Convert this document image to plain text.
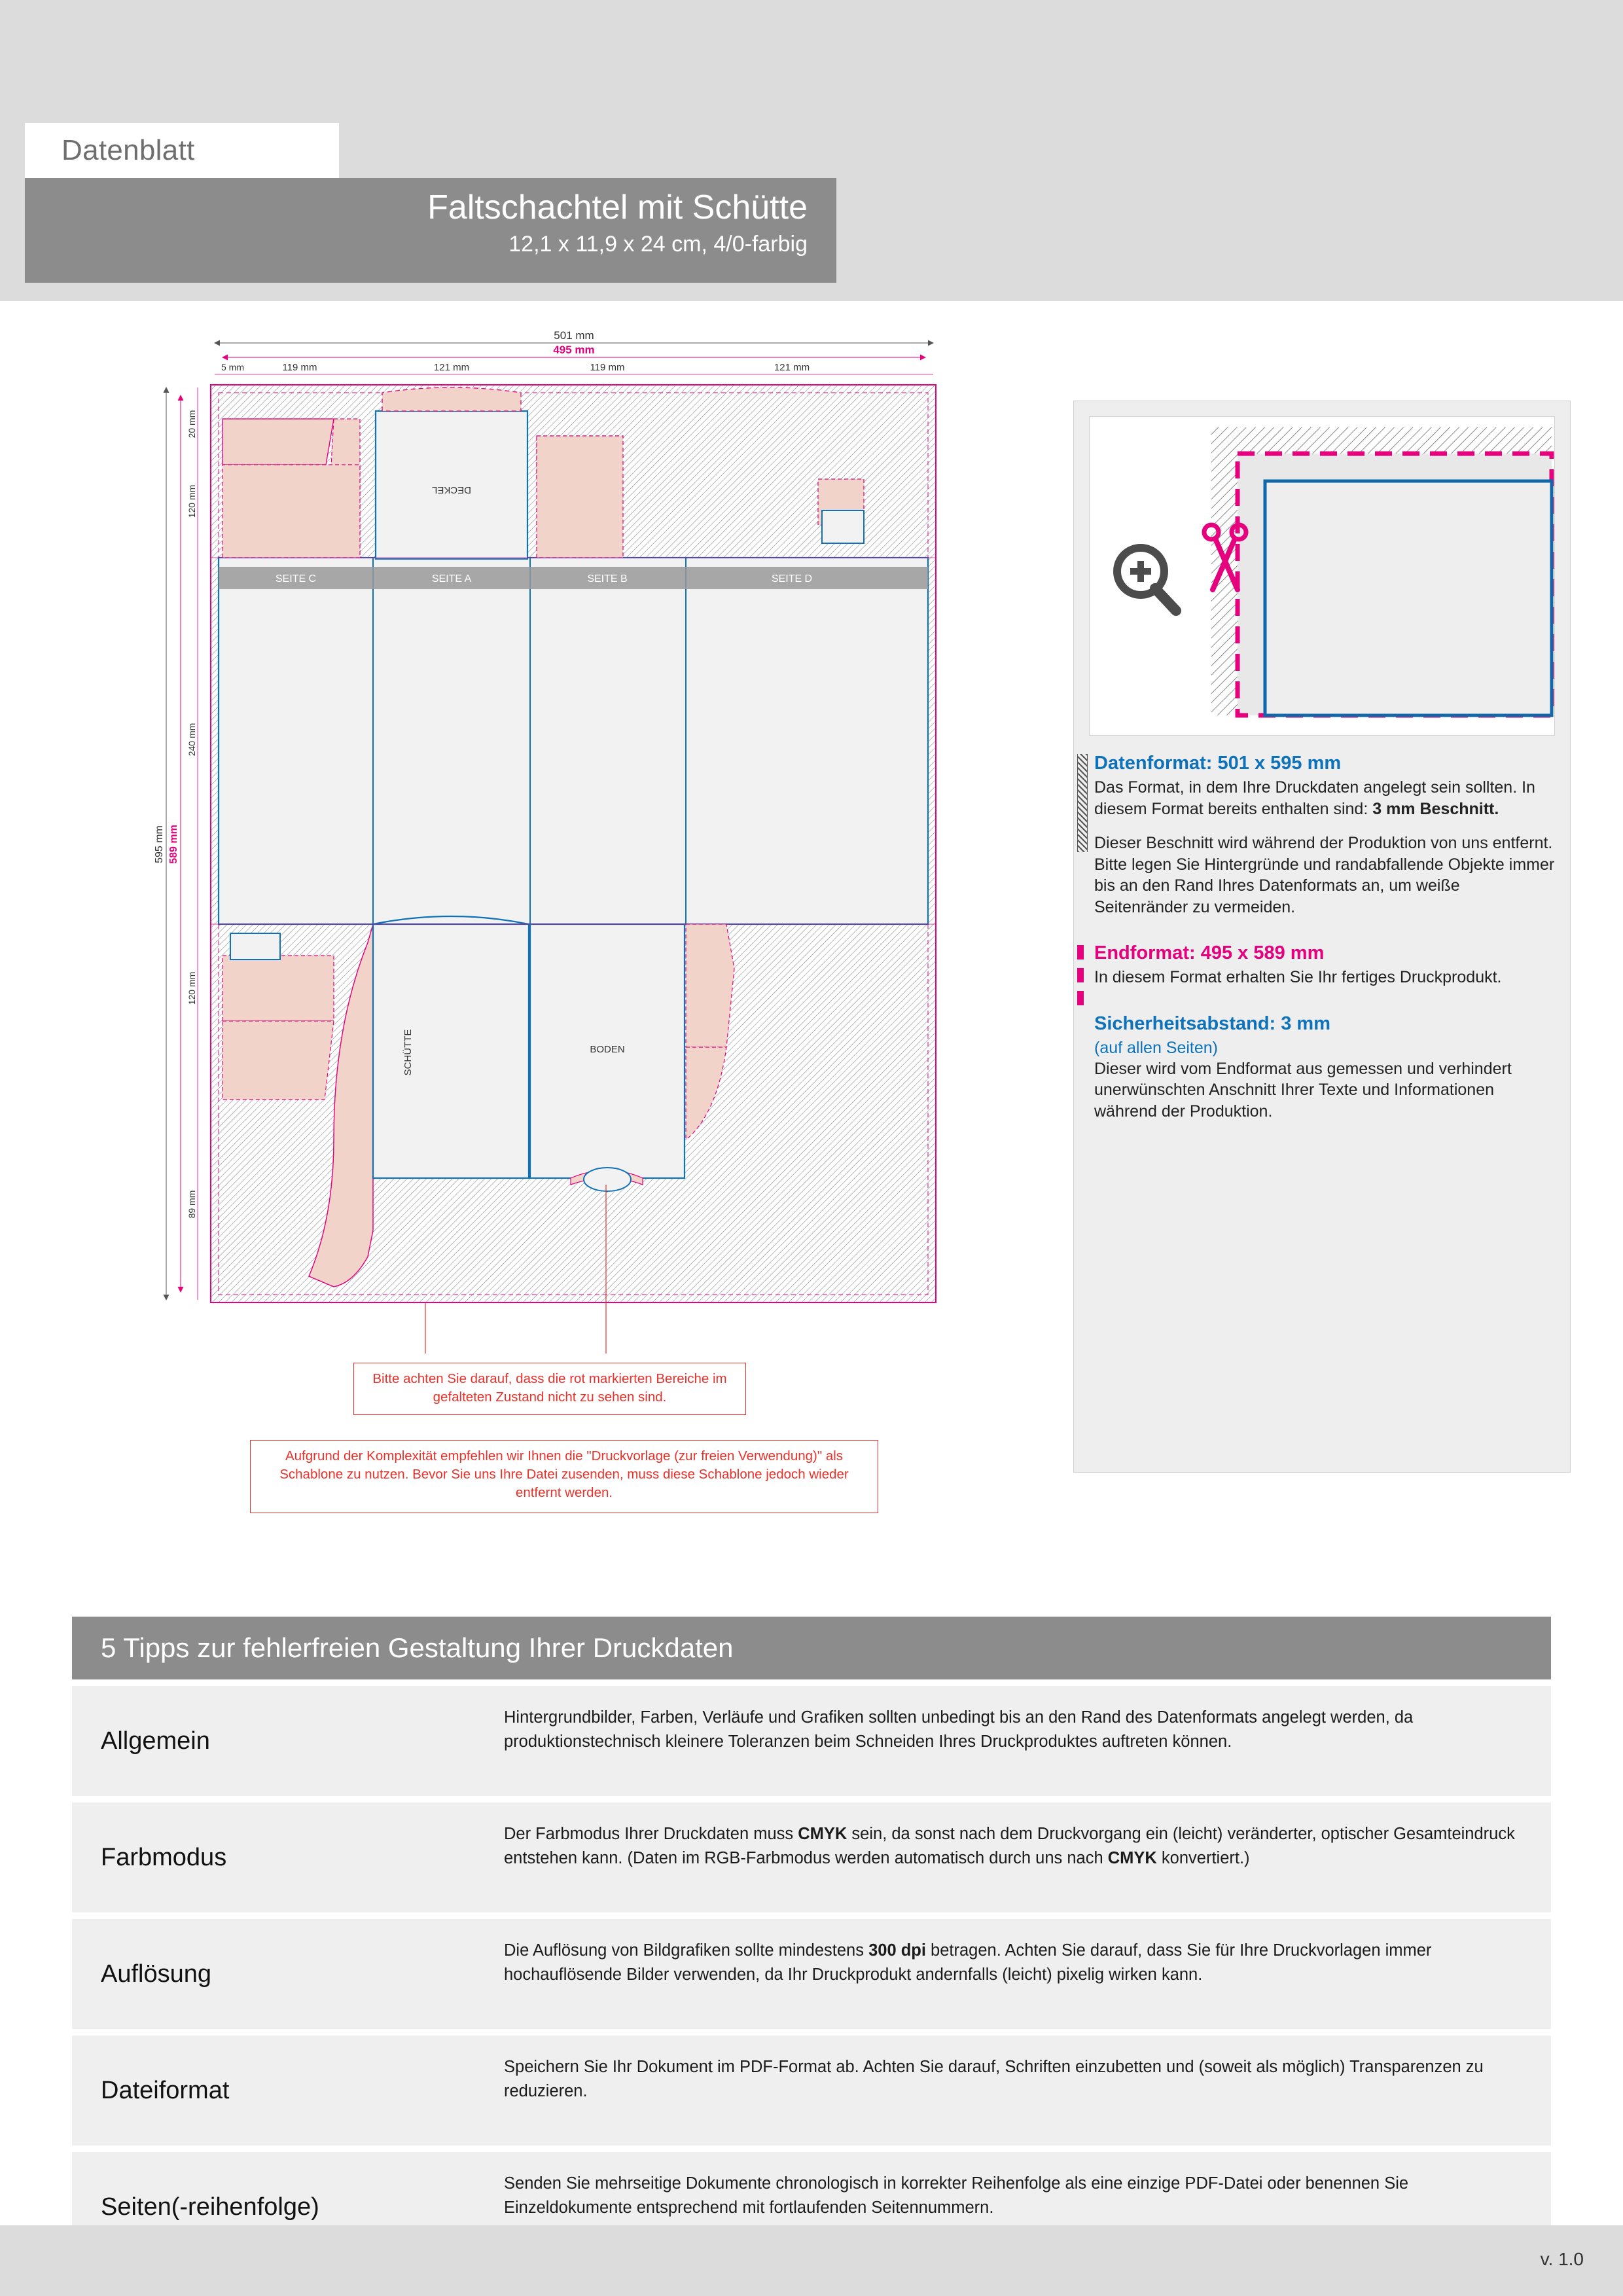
Datenblatt
Faltschachtel mit Schütte
12,1 x 11,9 x 24 cm, 4/0-farbig
SEITE C	SEITE A	SEITE B	SEITE D
DECKEL
SCHÜTTE	BODEN
501 mm
495 mm
5 mm	119 mm	121 mm	119 mm	121 mm
595 mm 589 mm
20 mm
120 mm
240 mm
120 mm
89 mm
Bitte achten Sie darauf, dass die rot markierten Bereiche im gefalteten Zustand nicht zu sehen sind.
Aufgrund der Komplexität empfehlen wir Ihnen die "Druckvorlage (zur freien Verwendung)" als Schablone zu nutzen. Bevor Sie uns Ihre Datei zusenden, muss diese Schablone jedoch wieder entfernt werden.
Datenformat: 501 x 595 mm

Das Format, in dem Ihre Druckdaten angelegt sein sollten. In diesem Format bereits enthalten sind: 3 mm Beschnitt.

Dieser Beschnitt wird während der Produktion von uns entfernt. Bitte legen Sie Hintergründe und randabfallende Objekte immer bis an den Rand Ihres Datenformats an, um weiße Seitenränder zu vermeiden.

Endformat: 495 x 589 mm

In diesem Format erhalten Sie Ihr fertiges Druckprodukt.

Sicherheitsabstand: 3 mm
(auf allen Seiten)

Dieser wird vom Endformat aus gemessen und verhindert unerwünschten Anschnitt Ihrer Texte und Informationen während der Produktion.

5 Tipps zur fehlerfreien Gestaltung Ihrer Druckdaten
Allgemein
Hintergrundbilder, Farben, Verläufe und Grafiken sollten unbedingt bis an den Rand des Datenformats angelegt werden, da produktionstechnisch kleinere Toleranzen beim Schneiden Ihres Druckproduktes auftreten können.
Farbmodus
Der Farbmodus Ihrer Druckdaten muss CMYK sein, da sonst nach dem Druckvorgang ein (leicht) veränderter, optischer Gesamteindruck entstehen kann. (Daten im RGB-Farbmodus werden automatisch durch uns nach CMYK konvertiert.)
Auflösung
Die Auflösung von Bildgrafiken sollte mindestens 300 dpi betragen. Achten Sie darauf, dass Sie für Ihre Druckvorlagen immer hochauflösende Bilder verwenden, da Ihr Druckprodukt andernfalls (leicht) pixelig wirken kann.
Dateiformat
Speichern Sie Ihr Dokument im PDF-Format ab. Achten Sie darauf, Schriften einzubetten und (soweit als möglich) Transparenzen zu reduzieren.
Seiten(-reihenfolge)
Senden Sie mehrseitige Dokumente chronologisch in korrekter Reihenfolge als eine einzige PDF-Datei oder benennen Sie Einzeldokumente entsprechend mit fortlaufenden Seitennummern.
v. 1.0
